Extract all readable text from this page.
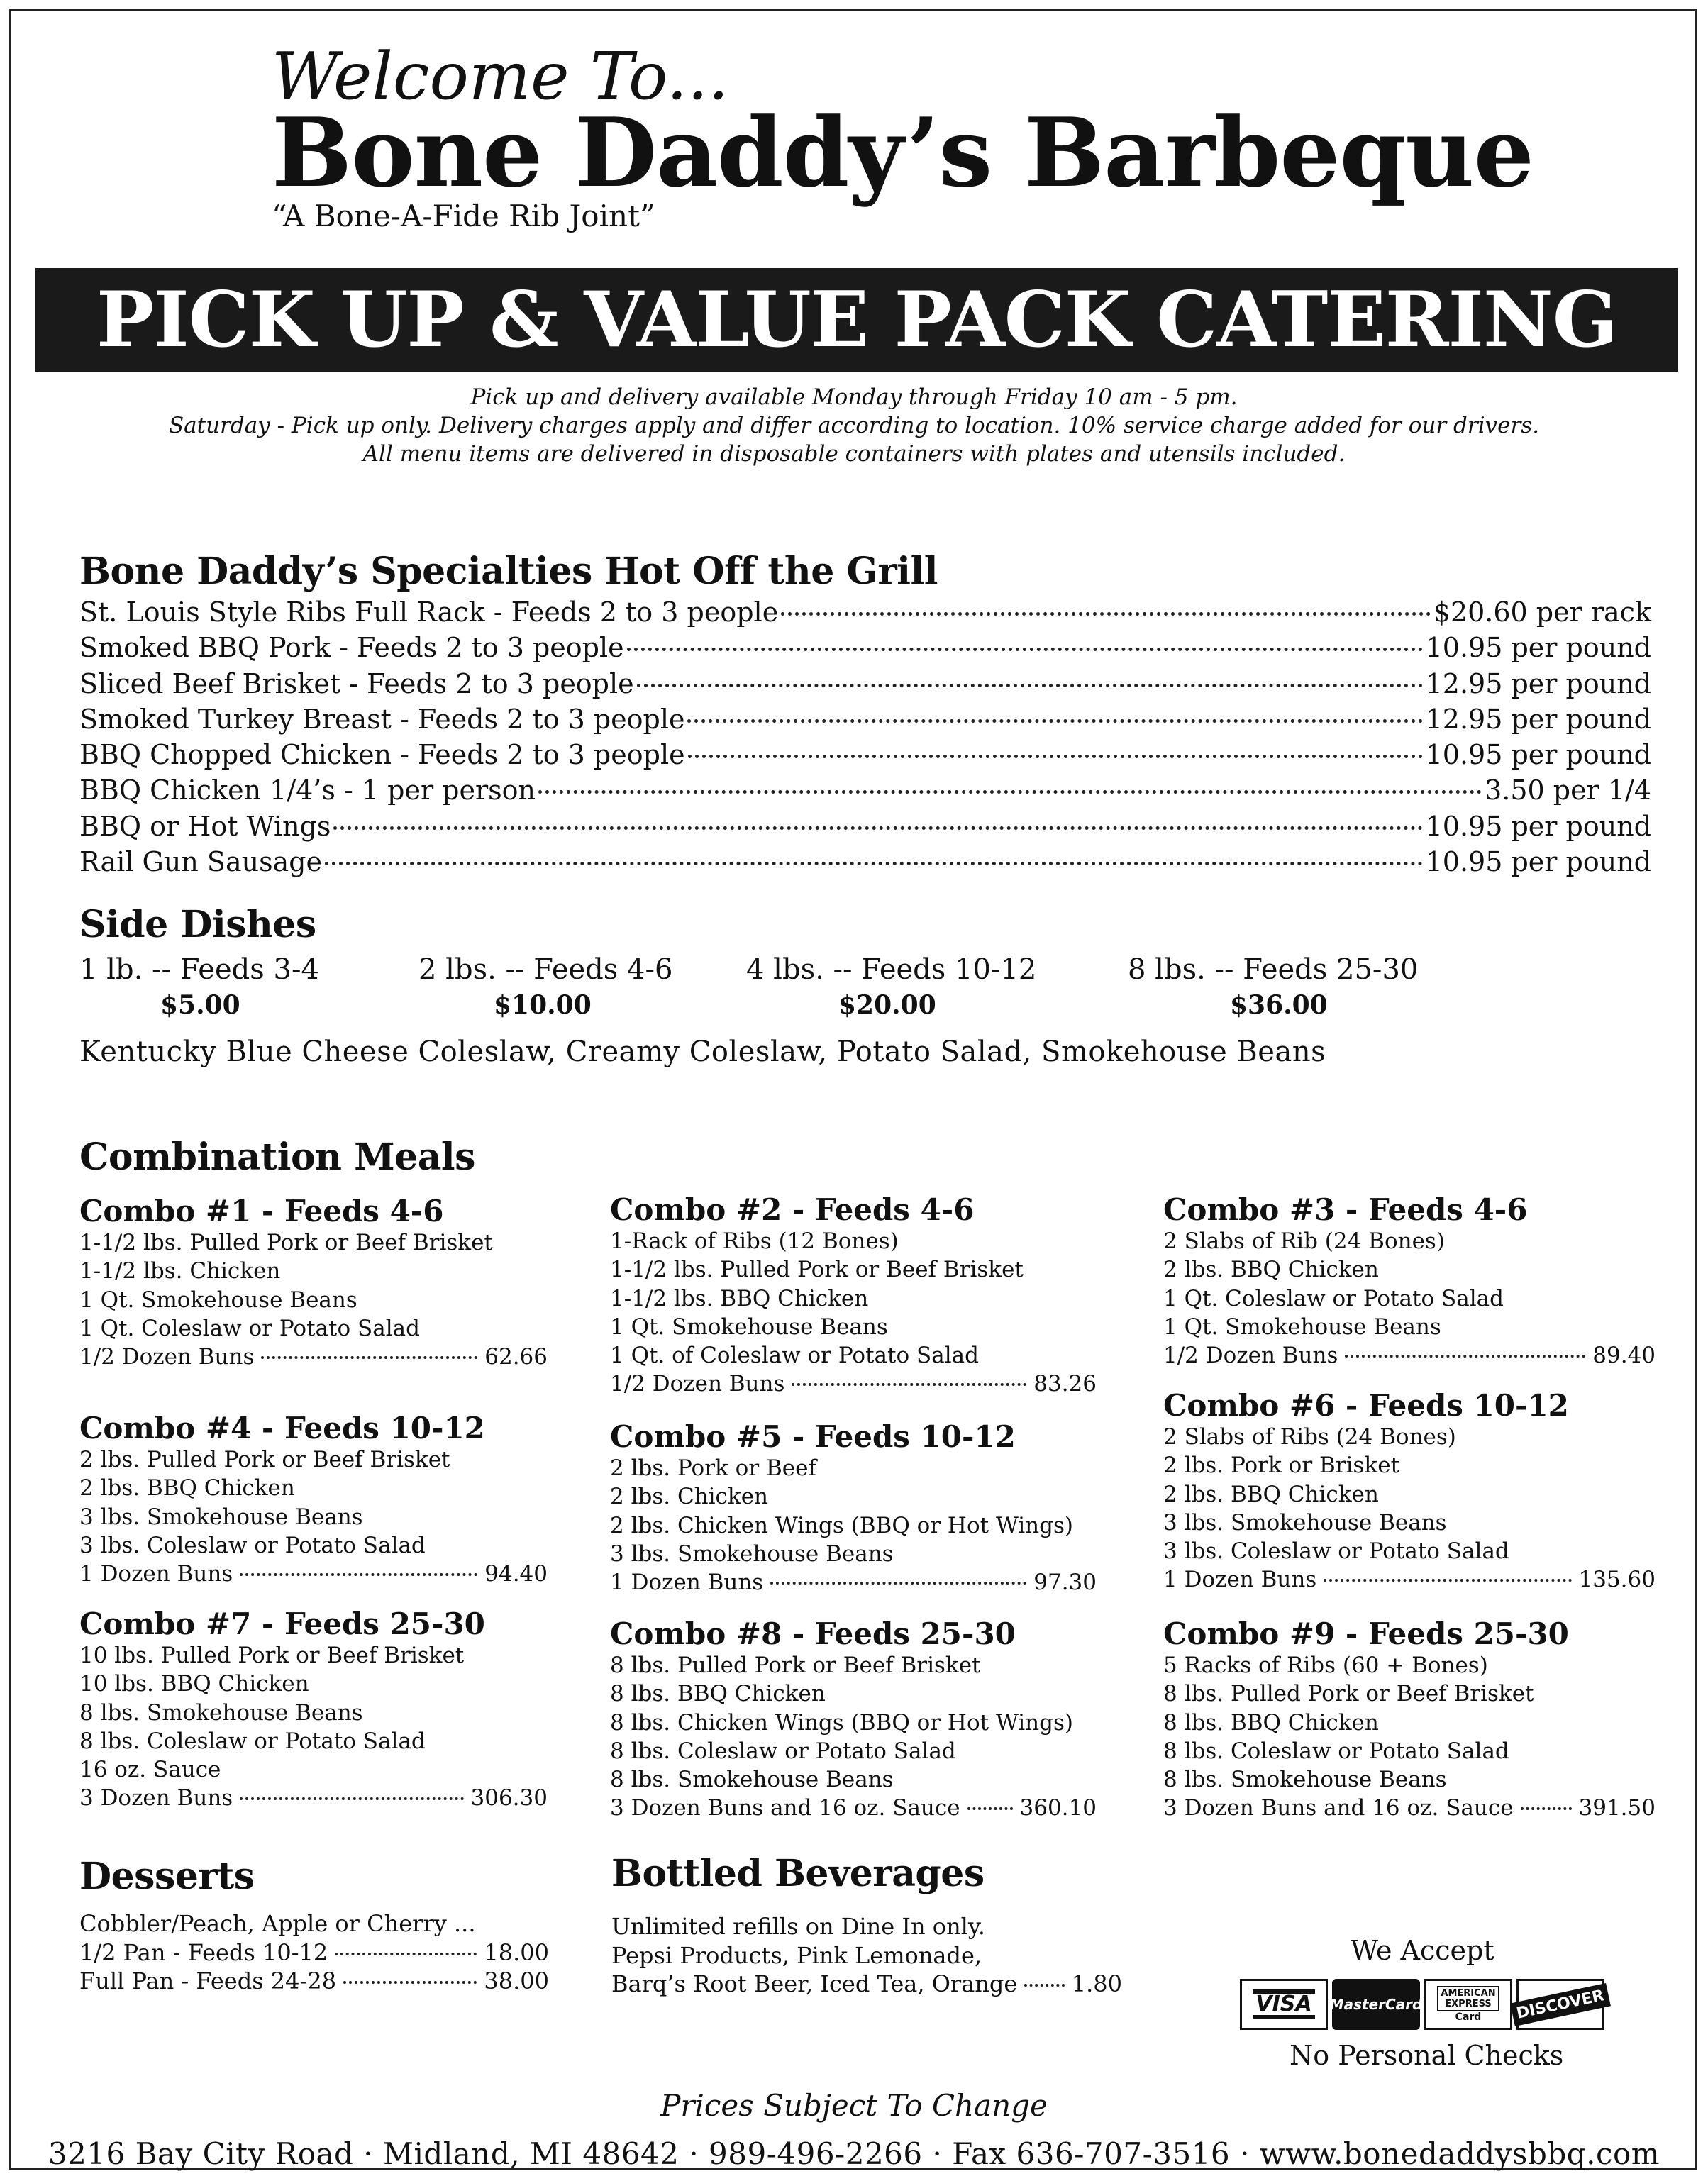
Welcome To...
Bone Daddy’s Barbeque
“A Bone-A-Fide Rib Joint”
PICK UP & VALUE PACK CATERING
Pick up and delivery available Monday through Friday 10 am - 5 pm.
Saturday - Pick up only. Delivery charges apply and differ according to location. 10% service charge added for our drivers.
All menu items are delivered in disposable containers with plates and utensils included.
Bone Daddy’s Specialties Hot Off the Grill
St. Louis Style Ribs Full Rack - Feeds 2 to 3 people	$20.60 per rack
Smoked BBQ Pork - Feeds 2 to 3 people	10.95 per pound
Sliced Beef Brisket - Feeds 2 to 3 people	12.95 per pound
Smoked Turkey Breast - Feeds 2 to 3 people	12.95 per pound
BBQ Chopped Chicken - Feeds 2 to 3 people	10.95 per pound
BBQ Chicken 1/4’s - 1 per person	3.50 per 1/4
BBQ or Hot Wings	10.95 per pound
Rail Gun Sausage	10.95 per pound
Side Dishes
1 lb. -- Feeds 3-4
$5.00
2 lbs. -- Feeds 4-6
$10.00
4 lbs. -- Feeds 10-12
$20.00
8 lbs. -- Feeds 25-30
$36.00
Kentucky Blue Cheese Coleslaw, Creamy Coleslaw, Potato Salad, Smokehouse Beans
Combination Meals
Combo #1 - Feeds 4-6
1-1/2 lbs. Pulled Pork or Beef Brisket
1-1/2 lbs. Chicken
1 Qt. Smokehouse Beans
1 Qt. Coleslaw or Potato Salad
1/2 Dozen Buns	62.66
Combo #4 - Feeds 10-12
2 lbs. Pulled Pork or Beef Brisket
2 lbs. BBQ Chicken
3 lbs. Smokehouse Beans
3 lbs. Coleslaw or Potato Salad
1 Dozen Buns	94.40
Combo #7 - Feeds 25-30
10 lbs. Pulled Pork or Beef Brisket
10 lbs. BBQ Chicken
8 lbs. Smokehouse Beans
8 lbs. Coleslaw or Potato Salad
16 oz. Sauce
3 Dozen Buns	306.30
Combo #2 - Feeds 4-6
1-Rack of Ribs (12 Bones)
1-1/2 lbs. Pulled Pork or Beef Brisket
1-1/2 lbs. BBQ Chicken
1 Qt. Smokehouse Beans
1 Qt. of Coleslaw or Potato Salad
1/2 Dozen Buns	83.26
Combo #5 - Feeds 10-12
2 lbs. Pork or Beef
2 lbs. Chicken
2 lbs. Chicken Wings (BBQ or Hot Wings)
3 lbs. Smokehouse Beans
1 Dozen Buns	97.30
Combo #8 - Feeds 25-30
8 lbs. Pulled Pork or Beef Brisket
8 lbs. BBQ Chicken
8 lbs. Chicken Wings (BBQ or Hot Wings)
8 lbs. Coleslaw or Potato Salad
8 lbs. Smokehouse Beans
3 Dozen Buns and 16 oz. Sauce	360.10
Combo #3 - Feeds 4-6
2 Slabs of Rib (24 Bones)
2 lbs. BBQ Chicken
1 Qt. Coleslaw or Potato Salad
1 Qt. Smokehouse Beans
1/2 Dozen Buns	89.40
Combo #6 - Feeds 10-12
2 Slabs of Ribs (24 Bones)
2 lbs. Pork or Brisket
2 lbs. BBQ Chicken
3 lbs. Smokehouse Beans
3 lbs. Coleslaw or Potato Salad
1 Dozen Buns	135.60
Combo #9 - Feeds 25-30
5 Racks of Ribs (60 + Bones)
8 lbs. Pulled Pork or Beef Brisket
8 lbs. BBQ Chicken
8 lbs. Coleslaw or Potato Salad
8 lbs. Smokehouse Beans
3 Dozen Buns and 16 oz. Sauce	391.50
Desserts
Cobbler/Peach, Apple or Cherry ...
1/2 Pan - Feeds 10-12	18.00
Full Pan - Feeds 24-28	38.00
Bottled Beverages
Unlimited refills on Dine In only.
Pepsi Products, Pink Lemonade,
Barq’s Root Beer, Iced Tea, Orange 1.80
We Accept
VISA MasterCard
AMERICAN
EXPRESS
Card	DISCOVER
No Personal Checks
Prices Subject To Change
3216 Bay City Road · Midland, MI 48642 · 989-496-2266 · Fax 636-707-3516 · www.bonedaddysbbq.com
